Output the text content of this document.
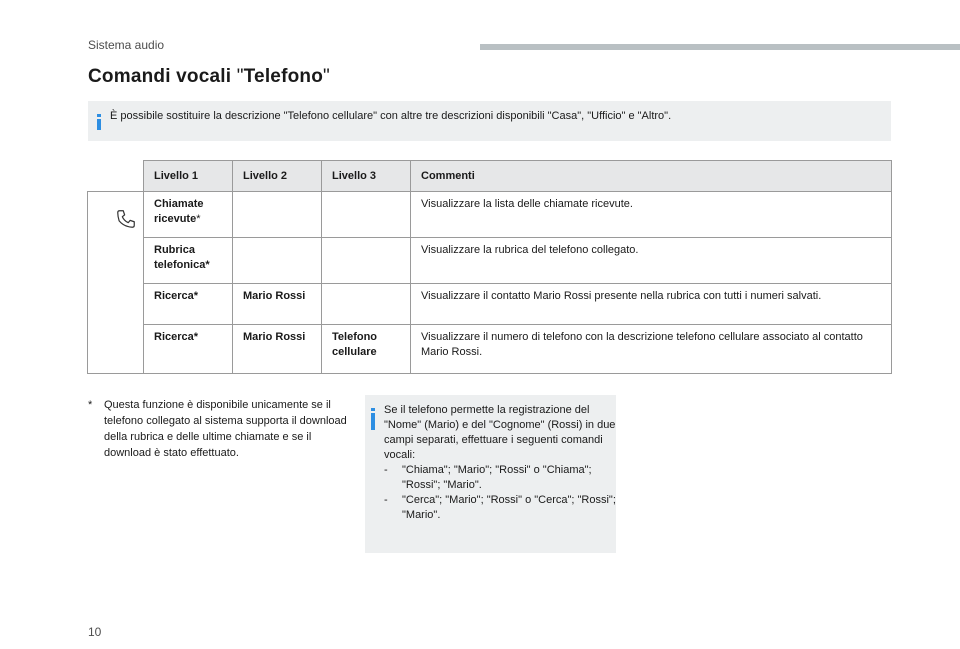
Sistema audio
Comandi vocali "Telefono"

È possibile sostituire la descrizione "Telefono cellulare" con altre tre descrizioni disponibili "Casa", "Ufficio" e "Altro".

	Livello 1	Livello 2	Livello 3	Commenti

	Chiamate ricevute*			Visualizzare la lista delle chiamate ricevute.
	Rubrica telefonica*			Visualizzare la rubrica del telefono collegato.
	Ricerca*	Mario Rossi		Visualizzare il contatto Mario Rossi presente nella rubrica con tutti i numeri salvati.
	Ricerca*	Mario Rossi	Telefono cellulare	Visualizzare il numero di telefono con la descrizione telefono cellulare associato al contatto Mario Rossi.
* Questa funzione è disponibile unicamente se il telefono collegato al sistema supporta il download della rubrica e delle ultime chiamate e se il download è stato effettuato.

Se il telefono permette la registrazione del "Nome" (Mario) e del "Cognome" (Rossi) in due campi separati, effettuare i seguenti comandi vocali:

- "Chiama"; "Mario"; "Rossi" o "Chiama"; "Rossi"; "Mario".
- "Cerca"; "Mario"; "Rossi" o "Cerca"; "Rossi"; "Mario".
10
